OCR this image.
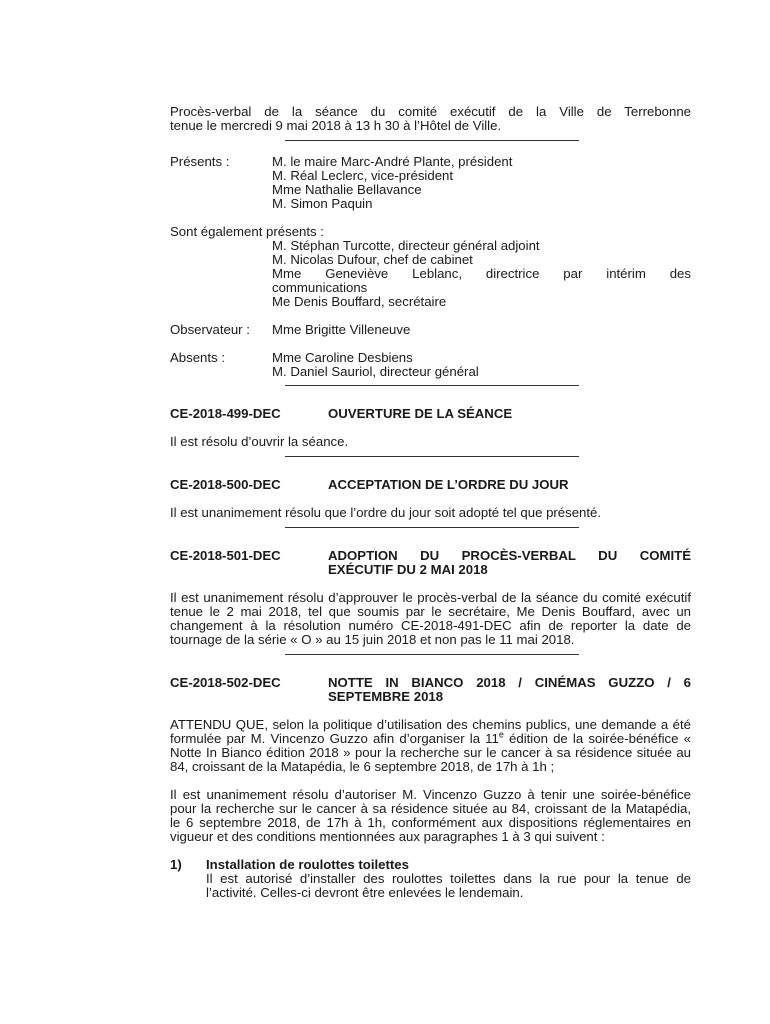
Procès-verbal de la séance du comité exécutif de la Ville de Terrebonne

tenue le mercredi 9 mai 2018 à 13 h 30 à l’Hôtel de Ville.

Présents :	M. le maire Marc-André Plante, président
M. Réal Leclerc, vice-président
Mme Nathalie Bellavance
M. Simon Paquin
Sont également présents :
M. Stéphan Turcotte, directeur général adjoint
M. Nicolas Dufour, chef de cabinet
Mme Geneviève Leblanc, directrice par intérim des
communications
Me Denis Bouffard, secrétaire
Observateur :	Mme Brigitte Villeneuve
Absents :	Mme Caroline Desbiens
M. Daniel Sauriol, directeur général
CE-2018-499-DEC	OUVERTURE DE LA SÉANCE

Il est résolu d’ouvrir la séance.

CE-2018-500-DEC	ACCEPTATION DE L’ORDRE DU JOUR

Il est unanimement résolu que l’ordre du jour soit adopté tel que présenté.

CE-2018-501-DEC	ADOPTION DU PROCÈS-VERBAL DU COMITÉ
EXÉCUTIF DU 2 MAI 2018

Il est unanimement résolu d’approuver le procès-verbal de la séance du comité exécutif tenue le 2 mai 2018, tel que soumis par le secrétaire, Me Denis Bouffard, avec un changement à la résolution numéro CE-2018-491-DEC afin de reporter la date de tournage de la série « O » au 15 juin 2018 et non pas le 11 mai 2018.

CE-2018-502-DEC	NOTTE IN BIANCO 2018 / CINÉMAS GUZZO / 6
SEPTEMBRE 2018

ATTENDU QUE, selon la politique d’utilisation des chemins publics, une demande a été formulée par M. Vincenzo Guzzo afin d’organiser la 11e édition de la soirée-bénéfice « Notte In Bianco édition 2018 » pour la recherche sur le cancer à sa résidence située au 84, croissant de la Matapédia, le 6 septembre 2018, de 17h à 1h ;

Il est unanimement résolu d’autoriser M. Vincenzo Guzzo à tenir une soirée-bénéfice pour la recherche sur le cancer à sa résidence située au 84, croissant de la Matapédia, le 6 septembre 2018, de 17h à 1h, conformément aux dispositions réglementaires en vigueur et des conditions mentionnées aux paragraphes 1 à 3 qui suivent :

1)	Installation de roulottes toilettes

Il est autorisé d’installer des roulottes toilettes dans la rue pour la tenue de l’activité. Celles-ci devront être enlevées le lendemain.
